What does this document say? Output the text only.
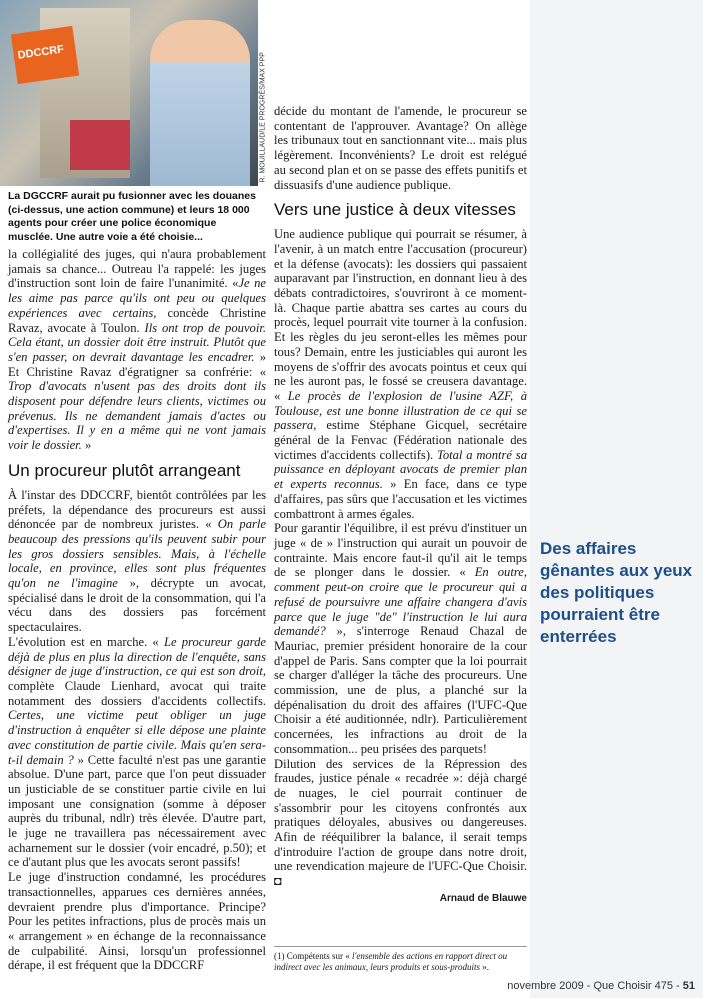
DDCCRF	R. MOUILLAUD/LE PROGRÈS/MAX PPP
La DGCCRF aurait pu fusionner avec les douanes (ci-dessus, une action commune) et leurs 18 000 agents pour créer une police économique musclée. Une autre voie a été choisie...
Des affaires gênantes aux yeux des politiques pourraient être enterrées

la collégialité des juges, qui n'aura probablement jamais sa chance... Outreau l'a rappelé: les juges d'instruction sont loin de faire l'unanimité. «Je ne les aime pas parce qu'ils ont peu ou quelques expériences avec certains, concède Christine Ravaz, avocate à Toulon. Ils ont trop de pouvoir. Cela étant, un dossier doit être instruit. Plutôt que s'en passer, on devrait davantage les encadrer. » Et Christine Ravaz d'égratigner sa confrérie: « Trop d'avocats n'usent pas des droits dont ils disposent pour défendre leurs clients, victimes ou prévenus. Ils ne demandent jamais d'actes ou d'expertises. Il y en a même qui ne vont jamais voir le dossier. »

Un procureur plutôt arrangeant

À l'instar des DDCCRF, bientôt contrôlées par les préfets, la dépendance des procureurs est aussi dénoncée par de nombreux juristes. « On parle beaucoup des pressions qu'ils peuvent subir pour les gros dossiers sensibles. Mais, à l'échelle locale, en province, elles sont plus fréquentes qu'on ne l'imagine », décrypte un avocat, spécialisé dans le droit de la consommation, qui l'a vécu dans des dossiers pas forcément spectaculaires.

L'évolution est en marche. « Le procureur garde déjà de plus en plus la direction de l'enquête, sans désigner de juge d'instruction, ce qui est son droit, complète Claude Lienhard, avocat qui traite notamment des dossiers d'accidents collectifs. Certes, une victime peut obliger un juge d'instruction à enquêter si elle dépose une plainte avec constitution de partie civile. Mais qu'en sera-t-il demain ? » Cette faculté n'est pas une garantie absolue. D'une part, parce que l'on peut dissuader un justiciable de se constituer partie civile en lui imposant une consignation (somme à déposer auprès du tribunal, ndlr) très élevée. D'autre part, le juge ne travaillera pas nécessairement avec acharnement sur le dossier (voir encadré, p.50); et ce d'autant plus que les avocats seront passifs!

Le juge d'instruction condamné, les procédures transactionnelles, apparues ces dernières années, devraient prendre plus d'importance. Principe? Pour les petites infractions, plus de procès mais un « arrangement » en échange de la reconnaissance de culpabilité. Ainsi, lorsqu'un professionnel dérape, il est fréquent que la DDCCRF

décide du montant de l'amende, le procureur se contentant de l'approuver. Avantage? On allège les tribunaux tout en sanctionnant vite... mais plus légèrement. Inconvénients? Le droit est relégué au second plan et on se passe des effets punitifs et dissuasifs d'une audience publique.

Vers une justice à deux vitesses

Une audience publique qui pourrait se résumer, à l'avenir, à un match entre l'accusation (procureur) et la défense (avocats): les dossiers qui passaient auparavant par l'instruction, en donnant lieu à des débats contradictoires, s'ouvriront à ce moment-là. Chaque partie abattra ses cartes au cours du procès, lequel pourrait vite tourner à la confusion. Et les règles du jeu seront-elles les mêmes pour tous? Demain, entre les justiciables qui auront les moyens de s'offrir des avocats pointus et ceux qui ne les auront pas, le fossé se creusera davantage. « Le procès de l'explosion de l'usine AZF, à Toulouse, est une bonne illustration de ce qui se passera, estime Stéphane Gicquel, secrétaire général de la Fenvac (Fédération nationale des victimes d'accidents collectifs). Total a montré sa puissance en déployant avocats de premier plan et experts reconnus. » En face, dans ce type d'affaires, pas sûrs que l'accusation et les victimes combattront à armes égales.

Pour garantir l'équilibre, il est prévu d'instituer un juge « de » l'instruction qui aurait un pouvoir de contrainte. Mais encore faut-il qu'il ait le temps de se plonger dans le dossier. « En outre, comment peut-on croire que le procureur qui a refusé de poursuivre une affaire changera d'avis parce que le juge "de" l'instruction le lui aura demandé? », s'interroge Renaud Chazal de Mauriac, premier président honoraire de la cour d'appel de Paris. Sans compter que la loi pourrait se charger d'alléger la tâche des procureurs. Une commission, une de plus, a planché sur la dépénalisation du droit des affaires (l'UFC-Que Choisir a été auditionnée, ndlr). Particulièrement concernées, les infractions au droit de la consommation... peu prisées des parquets!

Dilution des services de la Répression des fraudes, justice pénale « recadrée »: déjà chargé de nuages, le ciel pourrait continuer de s'assombrir pour les citoyens confrontés aux pratiques déloyales, abusives ou dangereuses. Afin de rééquilibrer la balance, il serait temps d'introduire l'action de groupe dans notre droit, une revendication majeure de l'UFC-Que Choisir. ◘

Arnaud de Blauwe
(1) Compétents sur « l'ensemble des actions en rapport direct ou indirect avec les animaux, leurs produits et sous-produits ».
novembre 2009 - Que Choisir 475 - 51
